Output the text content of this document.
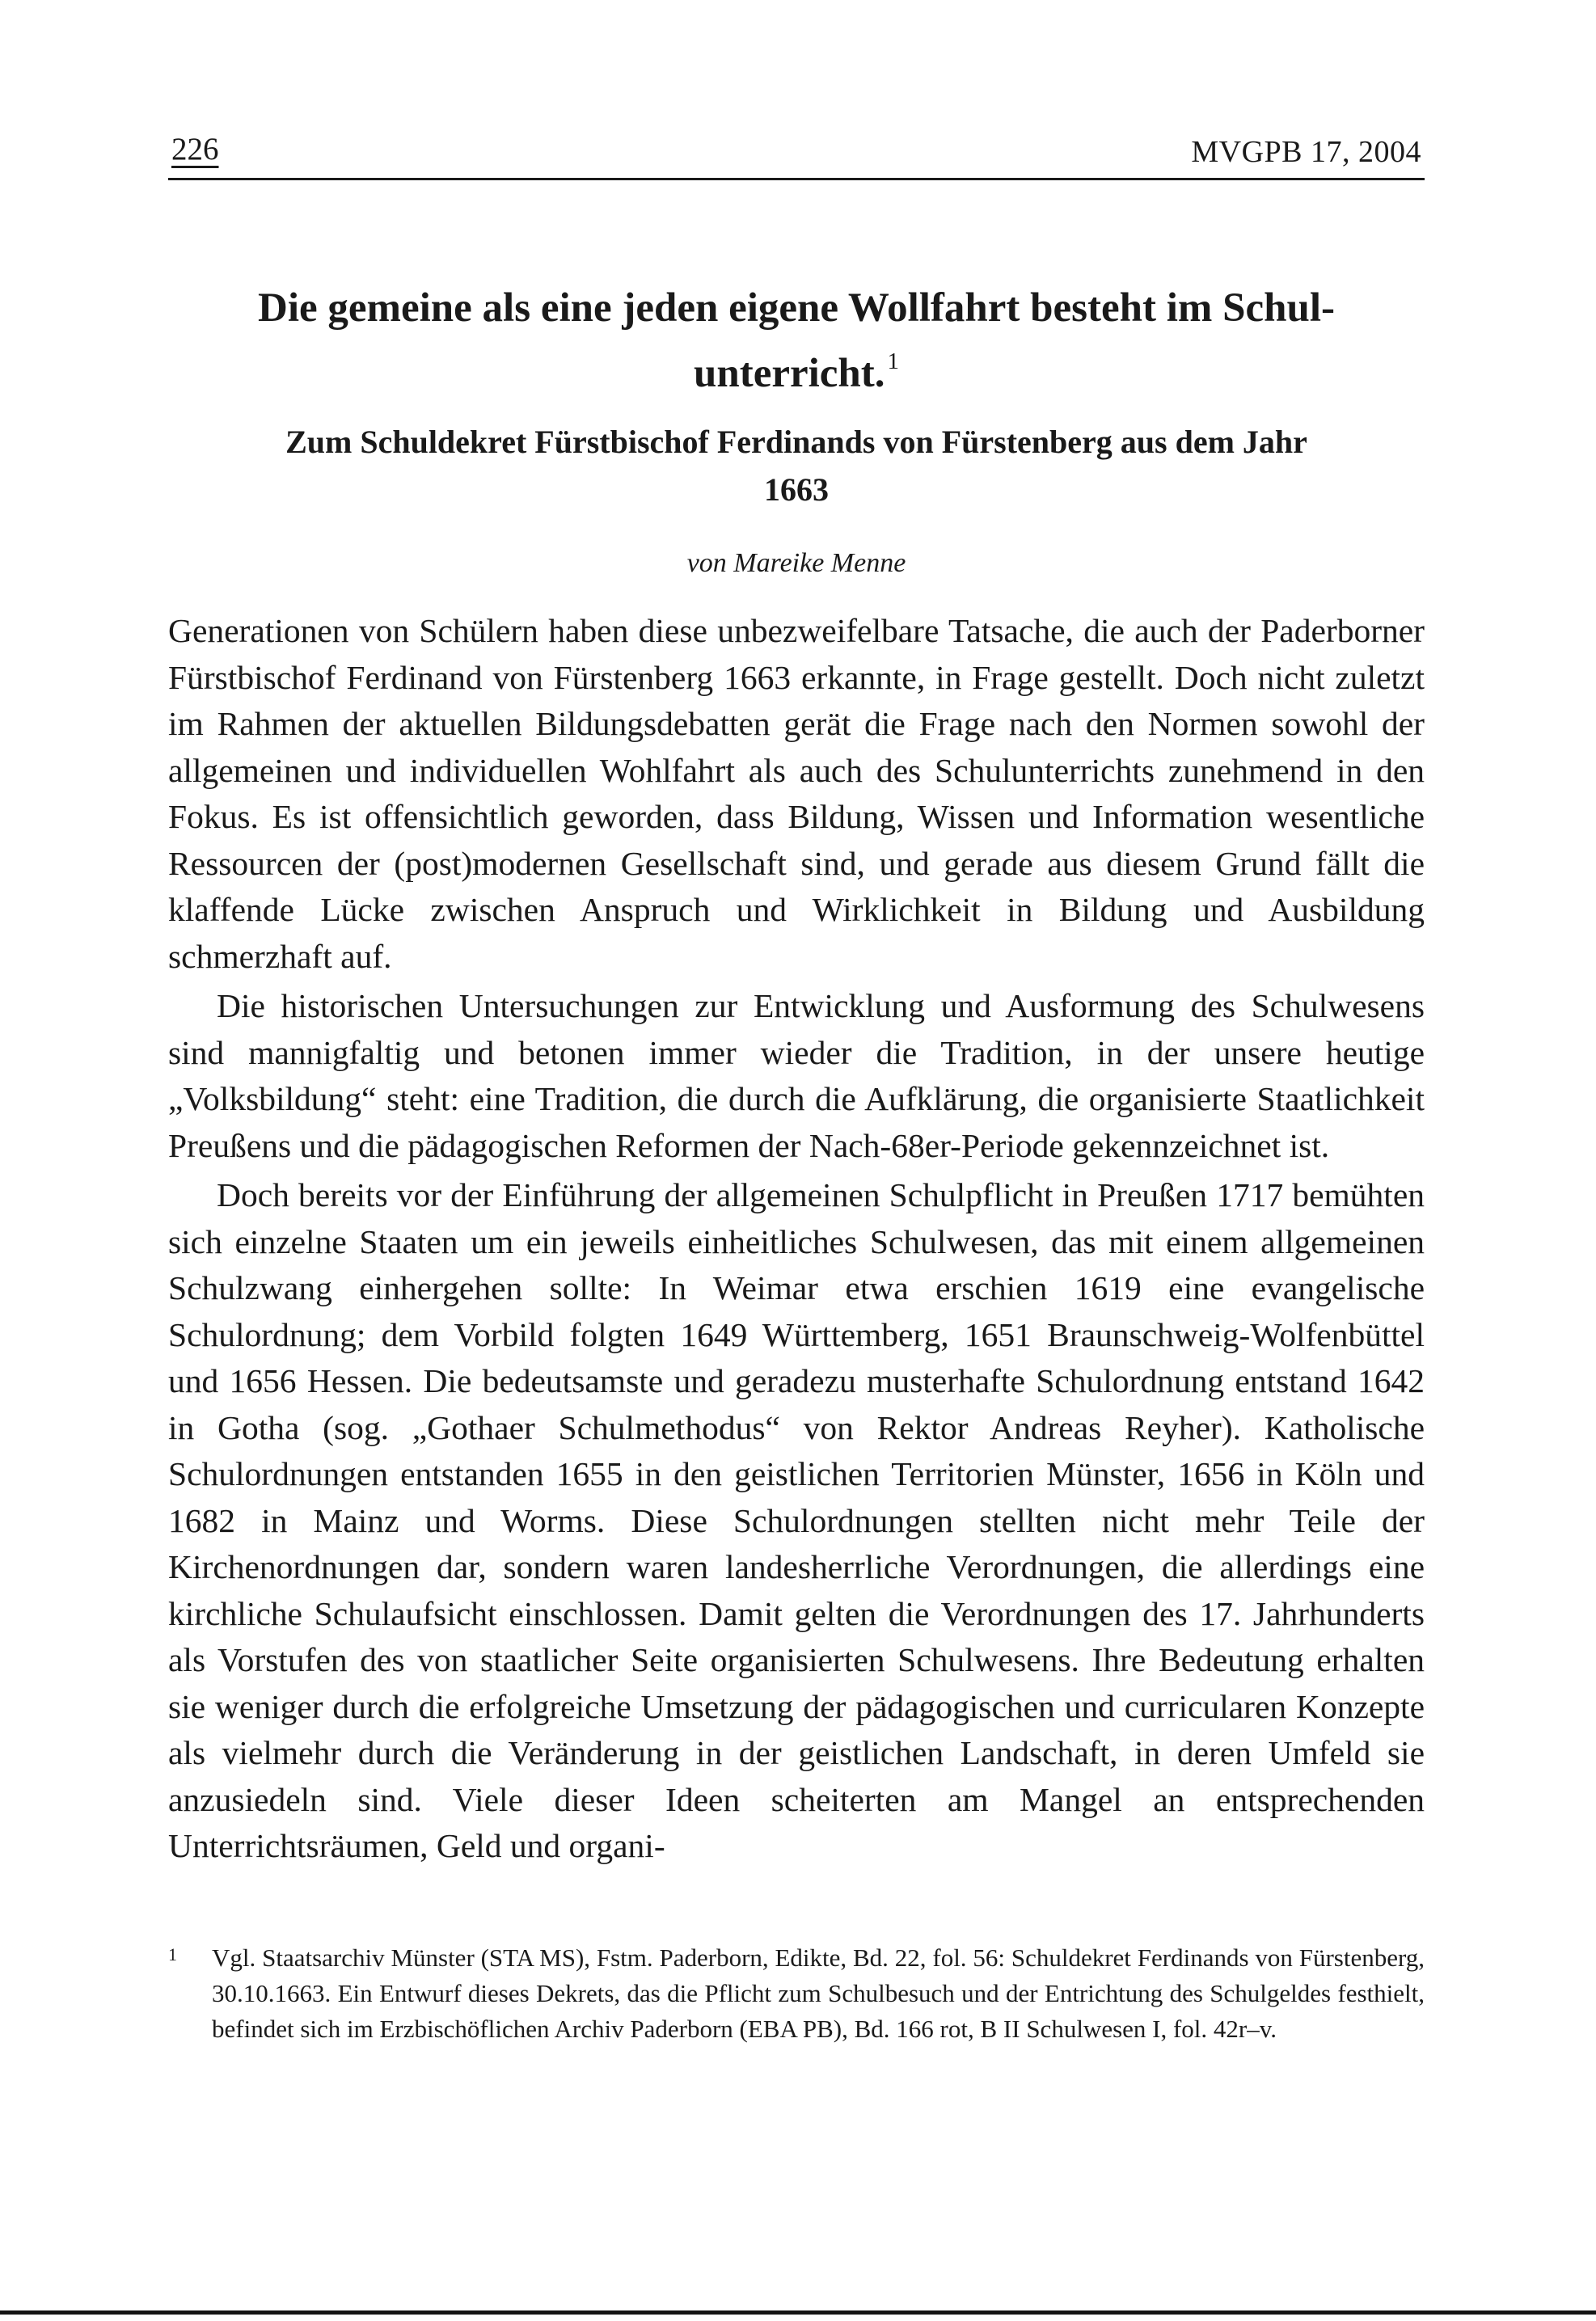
226	MVGPB 17, 2004
Die gemeine als eine jeden eigene Wollfahrt besteht im Schulunterricht. $^1$
Zum Schuldekret Fürstbischof Ferdinands von Fürstenberg aus dem Jahr 1663

von Mareike Menne

Generationen von Schülern haben diese unbezweifelbare Tatsache, die auch der Paderborner Fürstbischof Ferdinand von Fürstenberg 1663 erkannte, in Frage gestellt. Doch nicht zuletzt im Rahmen der aktuellen Bildungsdebatten gerät die Frage nach den Normen sowohl der allgemeinen und individuellen Wohlfahrt als auch des Schulunterrichts zunehmend in den Fokus. Es ist offensichtlich geworden, dass Bildung, Wissen und Information wesentliche Ressourcen der (post)modernen Gesellschaft sind, und gerade aus diesem Grund fällt die klaffende Lücke zwischen Anspruch und Wirklichkeit in Bildung und Ausbildung schmerzhaft auf.

Die historischen Untersuchungen zur Entwicklung und Ausformung des Schulwesens sind mannigfaltig und betonen immer wieder die Tradition, in der unsere heutige „Volksbildung“ steht: eine Tradition, die durch die Aufklärung, die organisierte Staatlichkeit Preußens und die pädagogischen Reformen der Nach-68er-Periode gekennzeichnet ist.

Doch bereits vor der Einführung der allgemeinen Schulpflicht in Preußen 1717 bemühten sich einzelne Staaten um ein jeweils einheitliches Schulwesen, das mit einem allgemeinen Schulzwang einhergehen sollte: In Weimar etwa erschien 1619 eine evangelische Schulordnung; dem Vorbild folgten 1649 Württemberg, 1651 Braunschweig-Wolfenbüttel und 1656 Hessen. Die bedeutsamste und geradezu musterhafte Schulordnung entstand 1642 in Gotha (sog. „Gothaer Schulmethodus“ von Rektor Andreas Reyher). Katholische Schulordnungen entstanden 1655 in den geistlichen Territorien Münster, 1656 in Köln und 1682 in Mainz und Worms. Diese Schulordnungen stellten nicht mehr Teile der Kirchenordnungen dar, sondern waren landesherrliche Verordnungen, die allerdings eine kirchliche Schulaufsicht einschlossen. Damit gelten die Verordnungen des 17. Jahrhunderts als Vorstufen des von staatlicher Seite organisierten Schulwesens. Ihre Bedeutung erhalten sie weniger durch die erfolgreiche Umsetzung der pädagogischen und curricularen Konzepte als vielmehr durch die Veränderung in der geistlichen Landschaft, in deren Umfeld sie anzusiedeln sind. Viele dieser Ideen scheiterten am Mangel an entsprechenden Unterrichtsräumen, Geld und organi-

1 Vgl. Staatsarchiv Münster (STA MS), Fstm. Paderborn, Edikte, Bd. 22, fol. 56: Schuldekret Ferdinands von Fürstenberg, 30.10.1663. Ein Entwurf dieses Dekrets, das die Pflicht zum Schulbesuch und der Entrichtung des Schulgeldes festhielt, befindet sich im Erzbischöflichen Archiv Paderborn (EBA PB), Bd. 166 rot, B II Schulwesen I, fol. 42r–v.
